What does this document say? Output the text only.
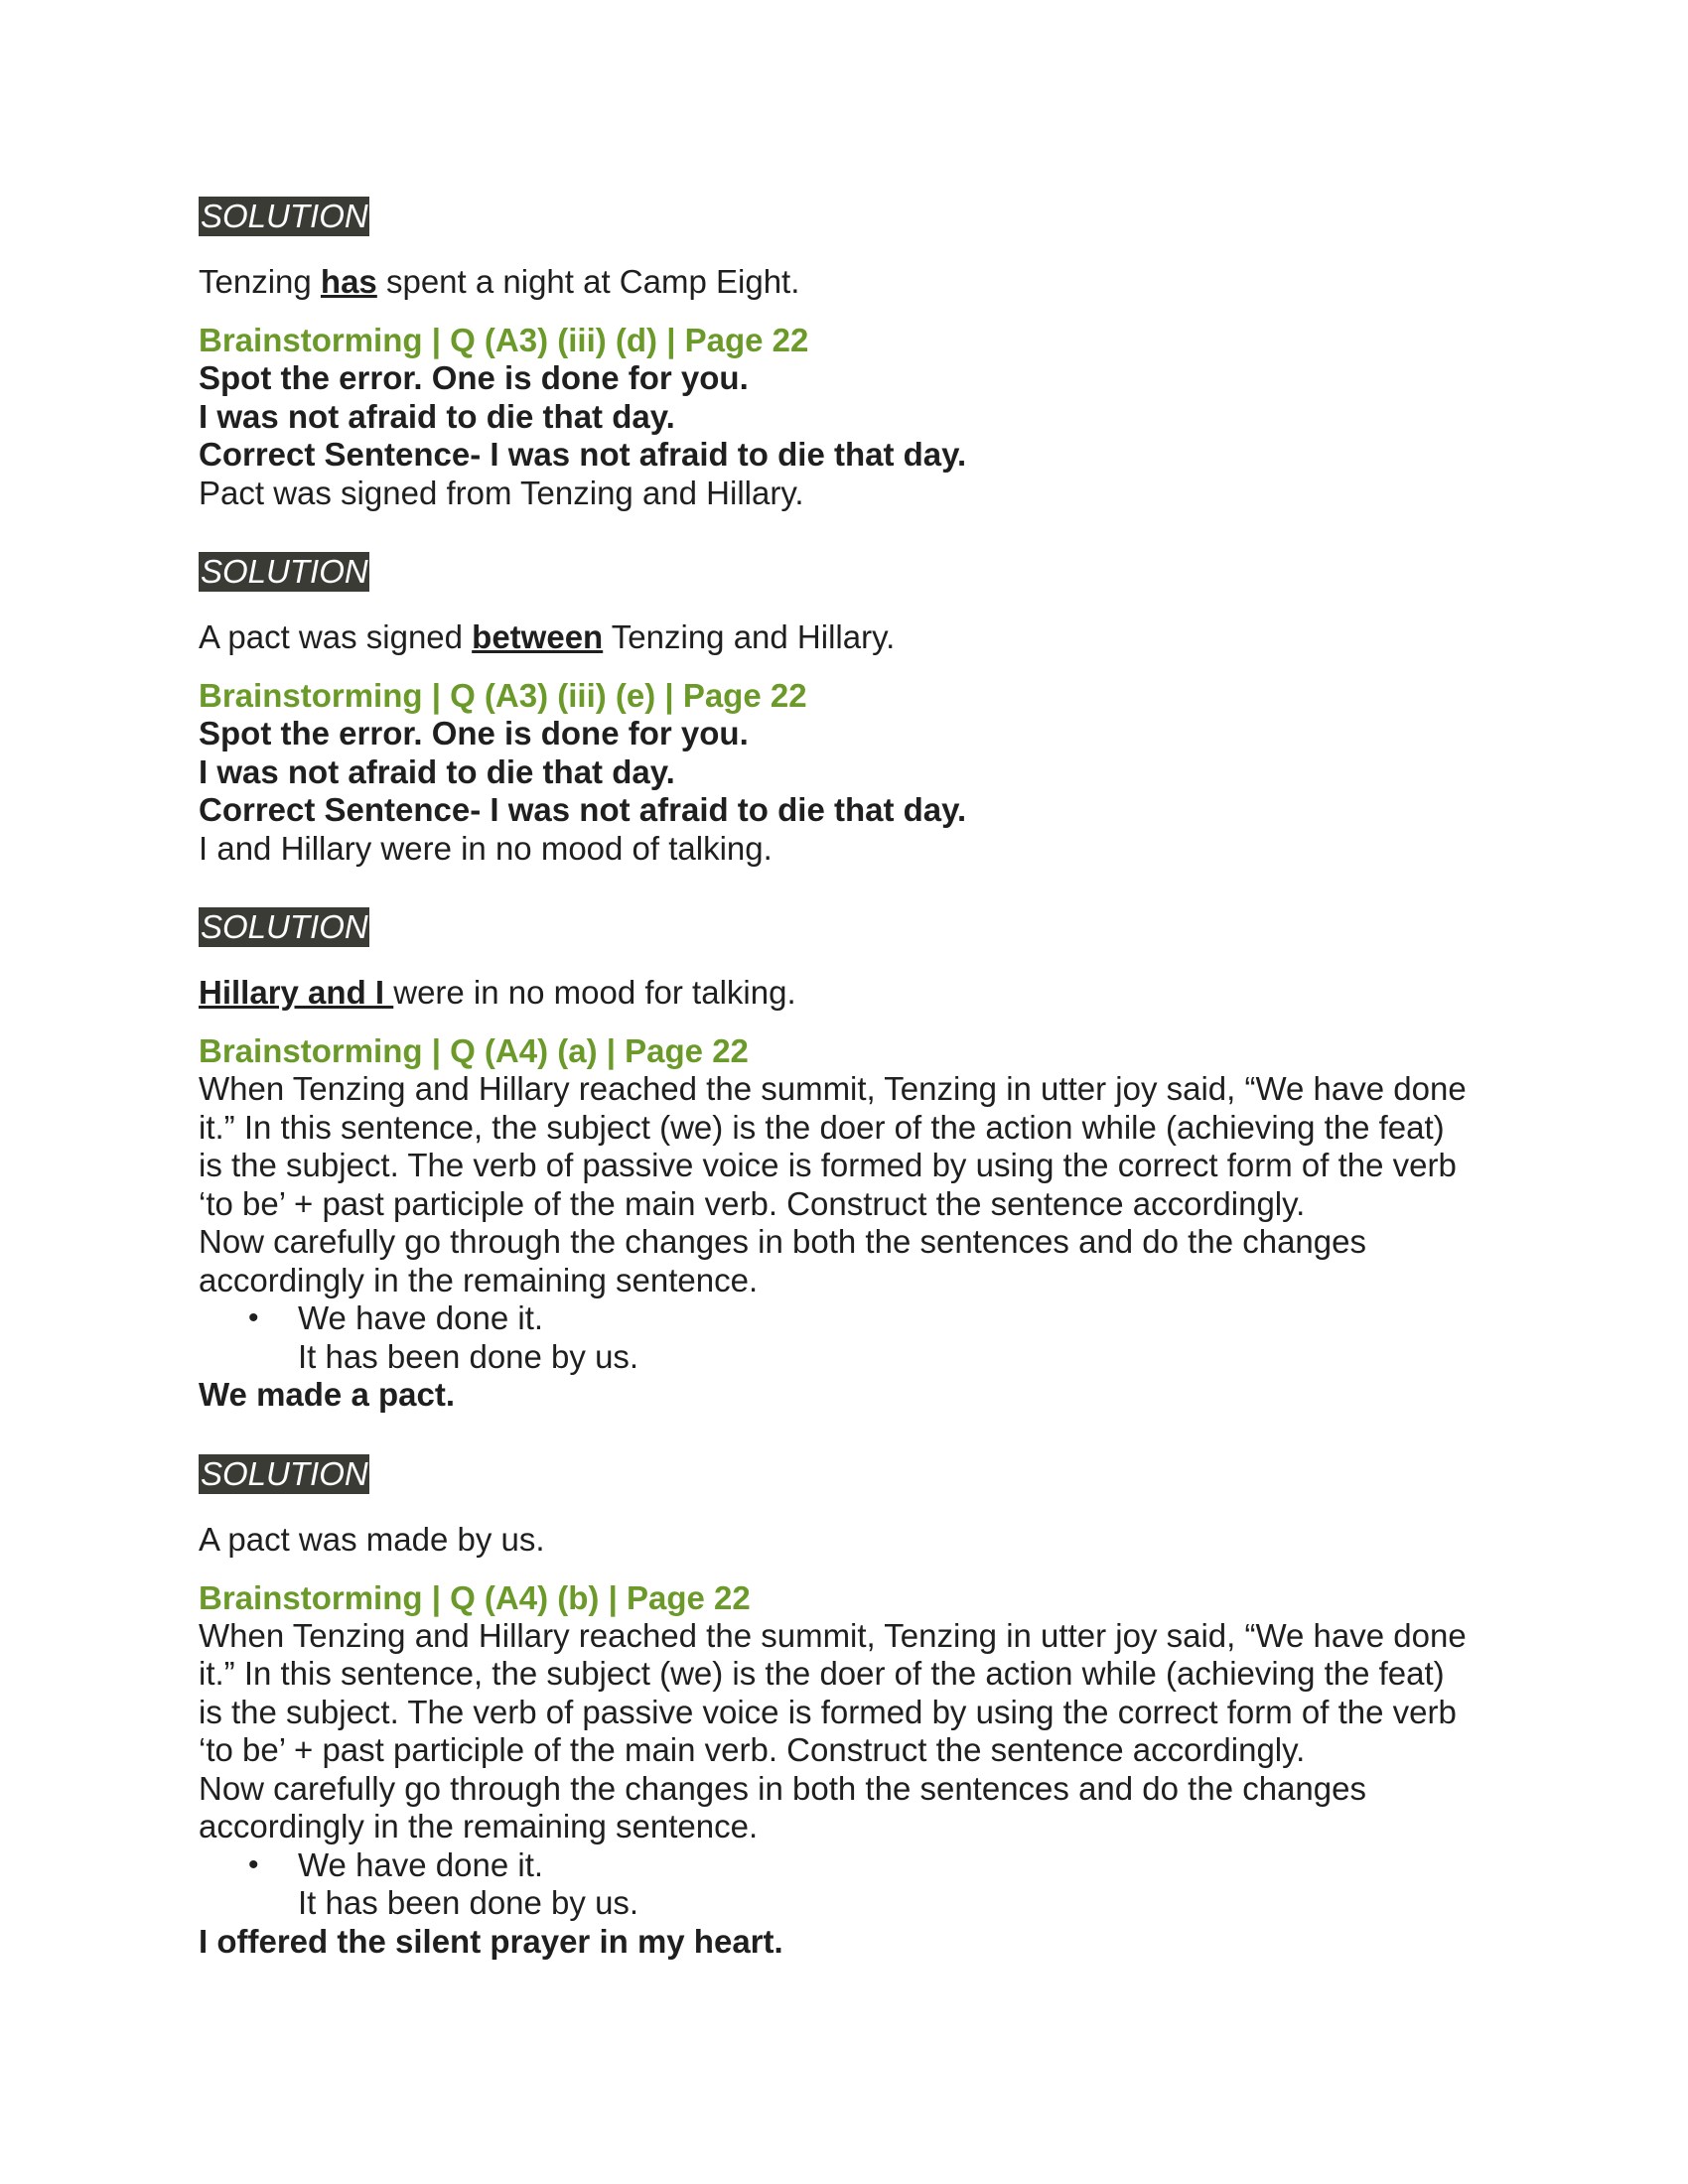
SOLUTION

Tenzing has spent a night at Camp Eight.

Brainstorming | Q (A3) (iii) (d) | Page 22

Spot the error. One is done for you.

I was not afraid to die that day.

Correct Sentence- I was not afraid to die that day.

Pact was signed from Tenzing and Hillary.

SOLUTION

A pact was signed between Tenzing and Hillary.

Brainstorming | Q (A3) (iii) (e) | Page 22

Spot the error. One is done for you.

I was not afraid to die that day.

Correct Sentence- I was not afraid to die that day.

I and Hillary were in no mood of talking.

SOLUTION

Hillary and I were in no mood for talking.

Brainstorming | Q (A4) (a) | Page 22

When Tenzing and Hillary reached the summit, Tenzing in utter joy said, “We have done
it.” In this sentence, the subject (we) is the doer of the action while (achieving the feat)
is the subject. The verb of passive voice is formed by using the correct form of the verb
‘to be’ + past participle of the main verb. Construct the sentence accordingly.
Now carefully go through the changes in both the sentences and do the changes
accordingly in the remaining sentence.
• We have done it.
It has been done by us.

We made a pact.

SOLUTION

A pact was made by us.

Brainstorming | Q (A4) (b) | Page 22

When Tenzing and Hillary reached the summit, Tenzing in utter joy said, “We have done
it.” In this sentence, the subject (we) is the doer of the action while (achieving the feat)
is the subject. The verb of passive voice is formed by using the correct form of the verb
‘to be’ + past participle of the main verb. Construct the sentence accordingly.
Now carefully go through the changes in both the sentences and do the changes
accordingly in the remaining sentence.
• We have done it.
It has been done by us.

I offered the silent prayer in my heart.
